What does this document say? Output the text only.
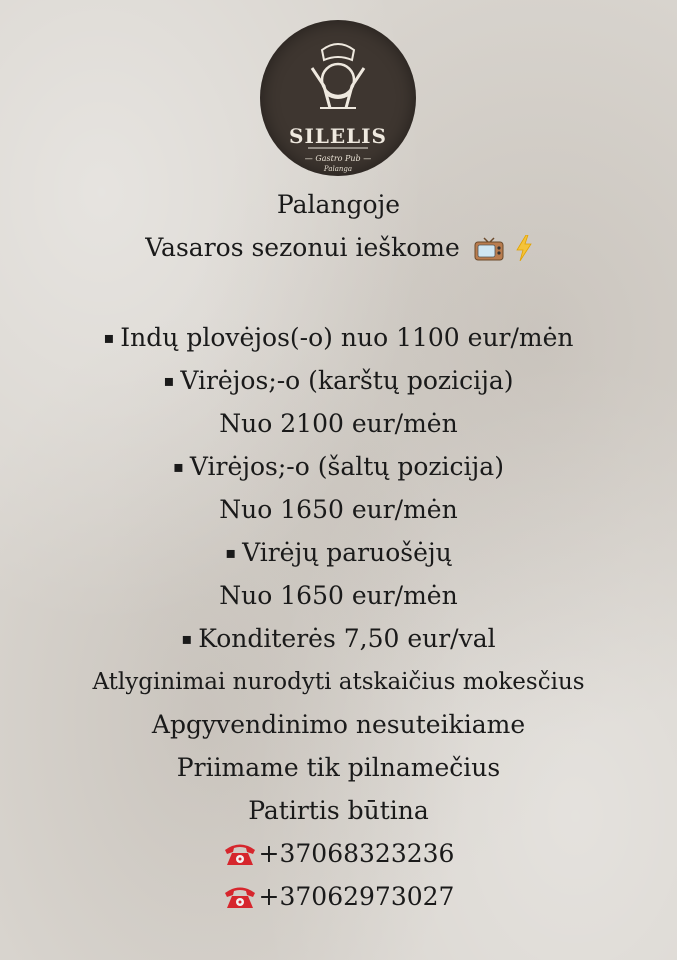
SILELIS
— Gastro Pub —
Palanga
Palangoje
Vasaros sezonui ieškome
▪ Indų plovėjos(-o) nuo 1100 eur/mėn
▪ Virėjos;-o (karštų pozicija)
Nuo 2100 eur/mėn
▪ Virėjos;-o (šaltų pozicija)
Nuo 1650 eur/mėn
▪ Virėjų paruošėjų
Nuo 1650 eur/mėn
▪ Konditerės 7,50 eur/val
Atlyginimai nurodyti atskaičius mokesčius
Apgyvendinimo nesuteikiame
Priimame tik pilnamečius
Patirtis būtina
+37068323236
+37062973027
